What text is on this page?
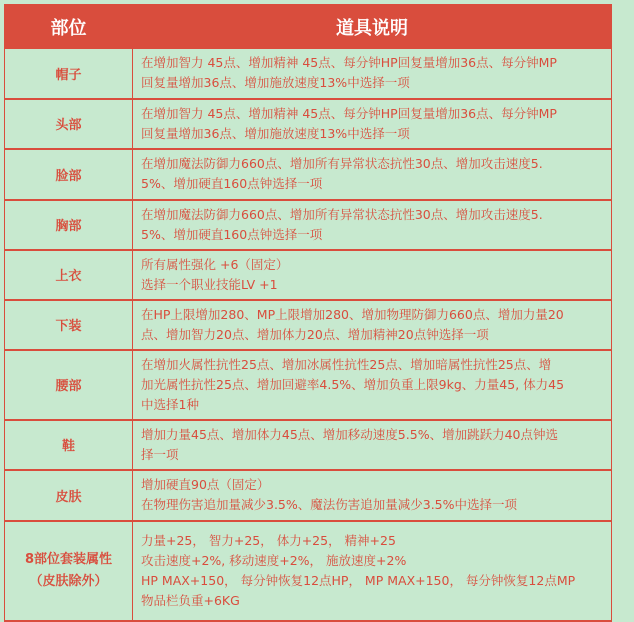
部位	道具说明
帽子	在增加智力 45点、增加精神 45点、每分钟HP回复量增加36点、每分钟MP
回复量增加36点、增加施放速度13%中选择一项

头部	在增加智力 45点、增加精神 45点、每分钟HP回复量增加36点、每分钟MP
回复量增加36点、增加施放速度13%中选择一项

脸部	在增加魔法防御力660点、增加所有异常状态抗性30点、增加攻击速度5.
5%、增加硬直160点钟选择一项

胸部	在增加魔法防御力660点、增加所有异常状态抗性30点、增加攻击速度5.
5%、增加硬直160点钟选择一项

上衣	所有属性强化 +6（固定）
选择一个职业技能LV +1

下装	在HP上限增加280、MP上限增加280、增加物理防御力660点、增加力量20
点、增加智力20点、增加体力20点、增加精神20点钟选择一项

腰部	在增加火属性抗性25点、增加冰属性抗性25点、增加暗属性抗性25点、增
加光属性抗性25点、增加回避率4.5%、增加负重上限9kg、力量45, 体力45
中选择1种

鞋	增加力量45点、增加体力45点、增加移动速度5.5%、增加跳跃力40点钟选
择一项

皮肤	增加硬直90点（固定）
在物理伤害追加量减少3.5%、魔法伤害追加量减少3.5%中选择一项

8部位套装属性
（皮肤除外）	力量+25， 智力+25， 体力+25， 精神+25
攻击速度+2%, 移动速度+2%， 施放速度+2%
HP MAX+150， 每分钟恢复12点HP， MP MAX+150， 每分钟恢复12点MP
物品栏负重+6KG
